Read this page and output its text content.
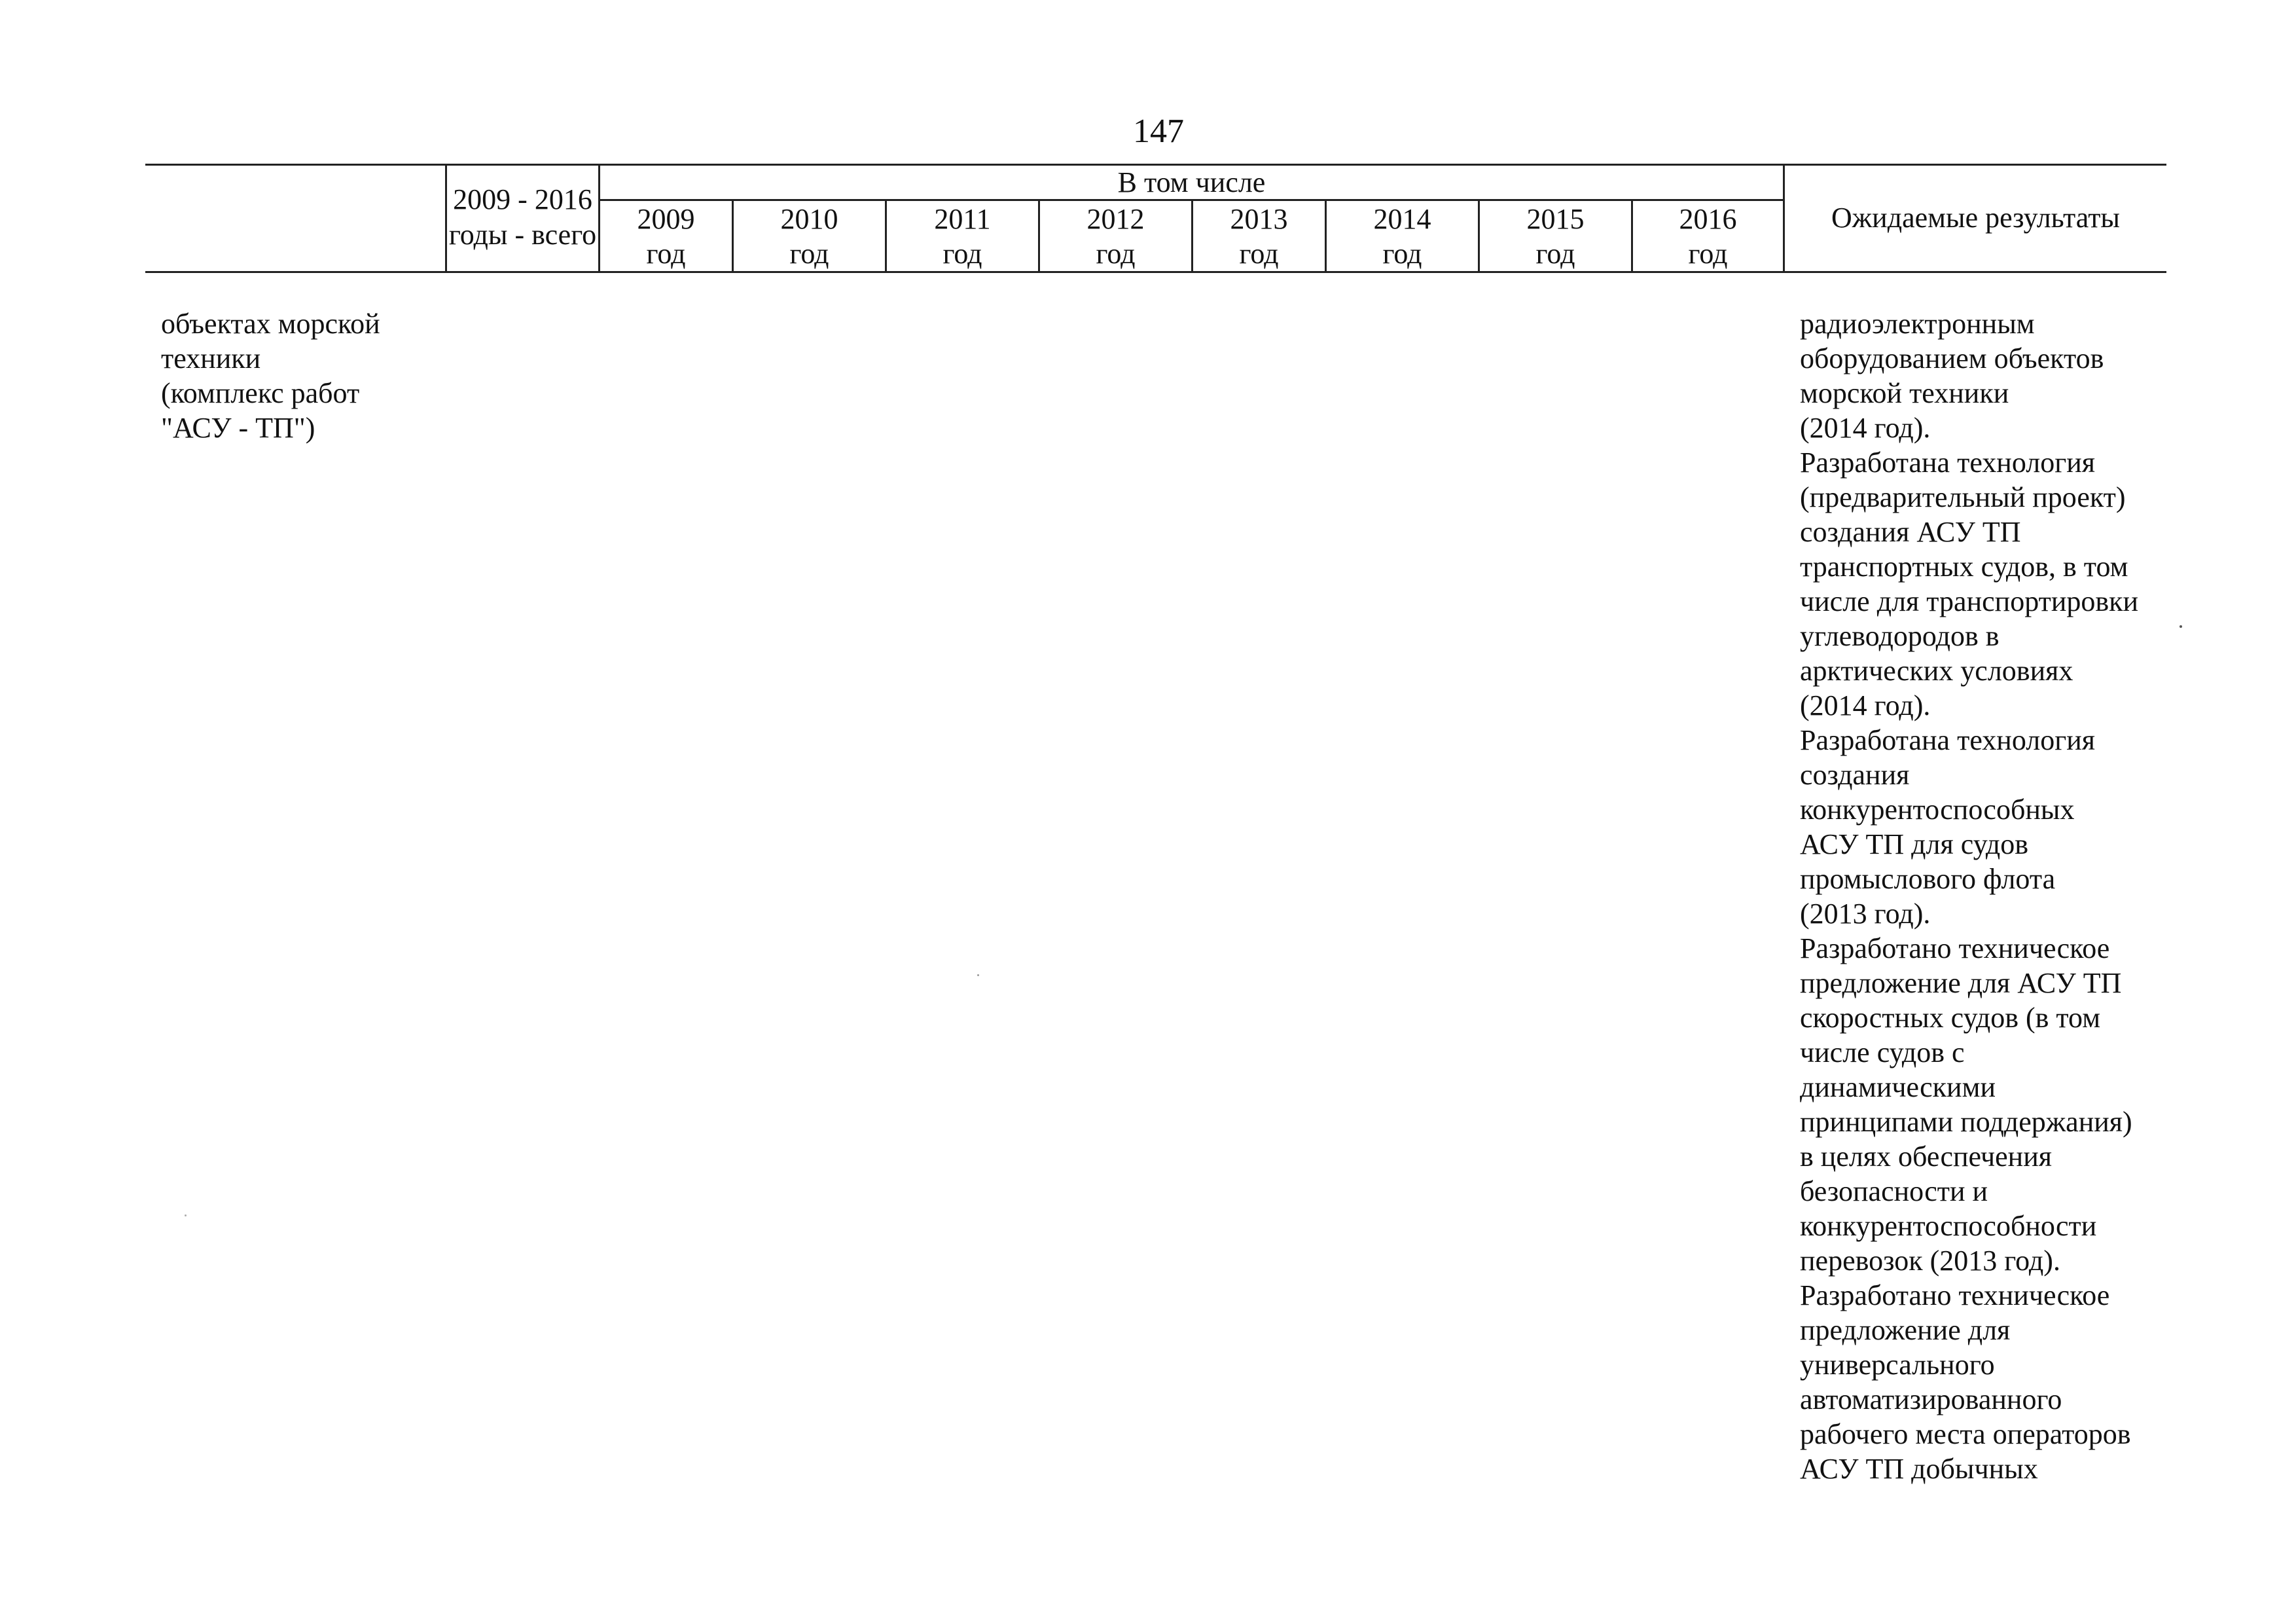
147
2009 - 2016
годы - всего
В том числе
2009
год
2010
год
2011
год
2012
год
2013
год
2014
год
2015
год
2016
год
Ожидаемые результаты
объектах морской
техники
(комплекс работ
"АСУ - ТП")
радиоэлектронным
оборудованием объектов
морской техники
(2014 год).
Разработана технология
(предварительный проект)
создания АСУ ТП
транспортных судов, в том
числе для транспортировки
углеводородов в
арктических условиях
(2014 год).
Разработана технология
создания
конкурентоспособных
АСУ ТП для судов
промыслового флота
(2013 год).
Разработано техническое
предложение для АСУ ТП
скоростных судов (в том
числе судов с
динамическими
принципами поддержания)
в целях обеспечения
безопасности и
конкурентоспособности
перевозок (2013 год).
Разработано техническое
предложение для
универсального
автоматизированного
рабочего места операторов
АСУ ТП добычных
